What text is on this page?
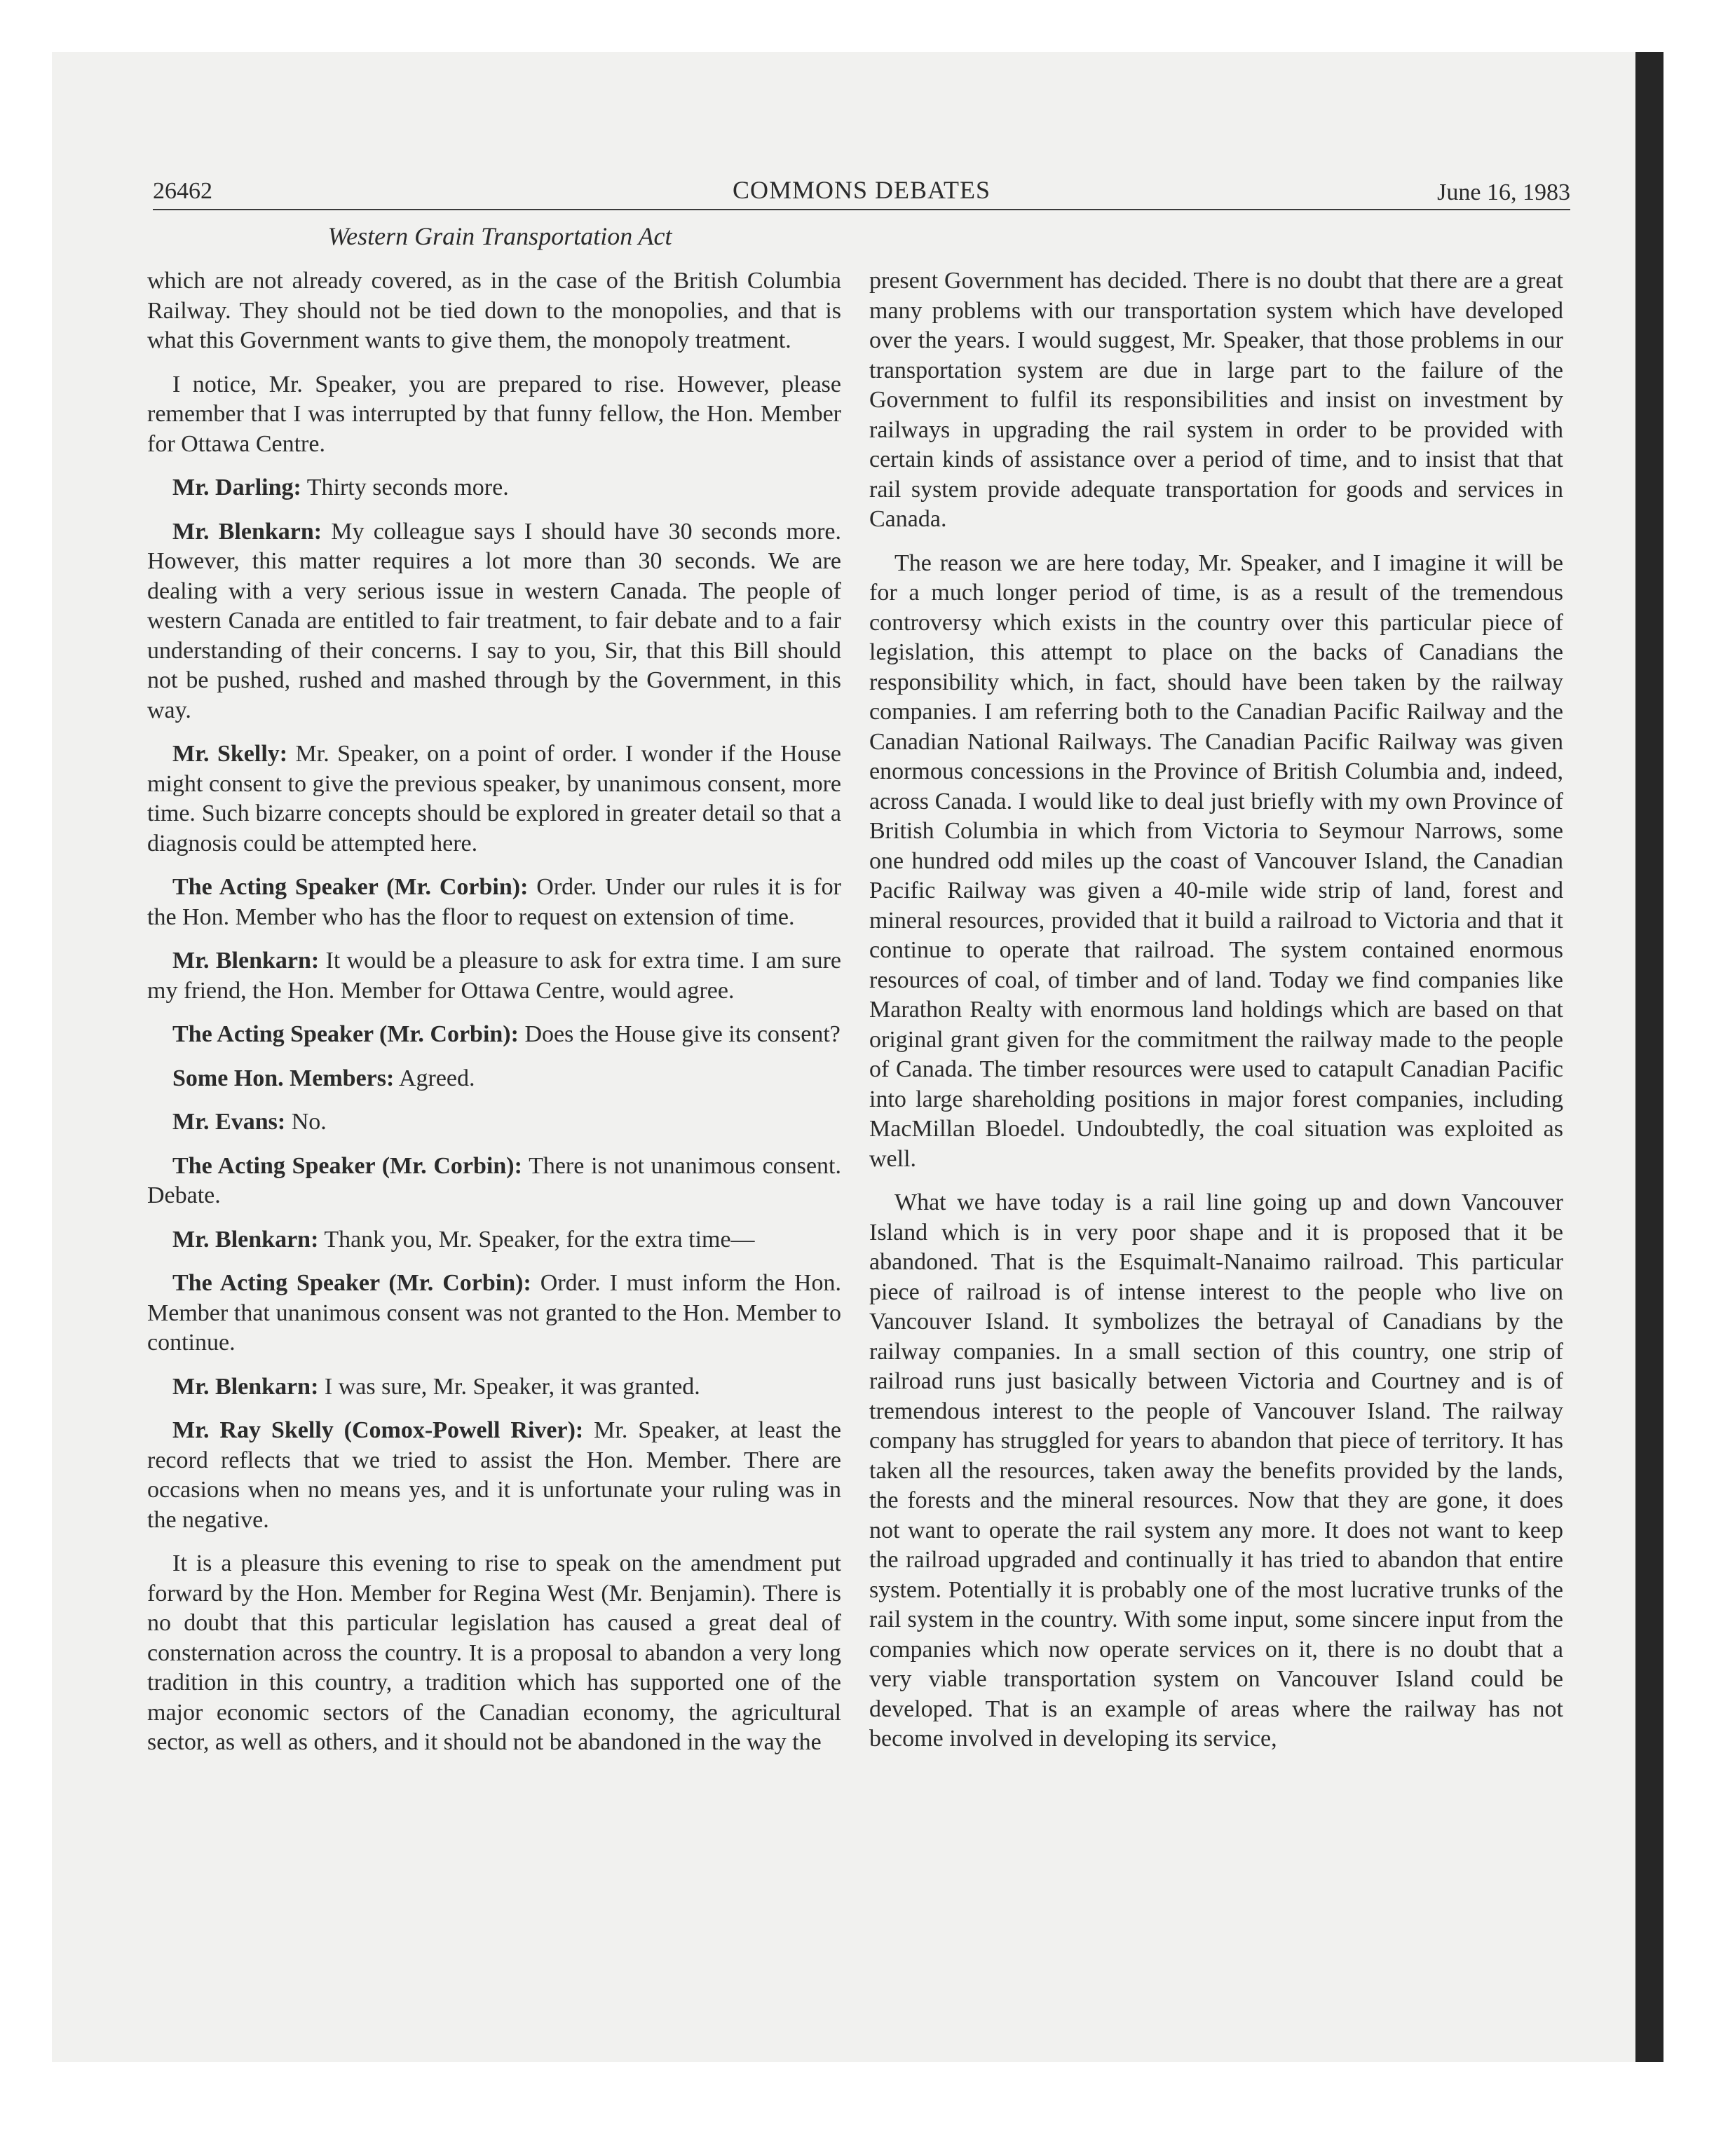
26462	COMMONS DEBATES	June 16, 1983
Western Grain Transportation Act

which are not already covered, as in the case of the British Columbia Railway. They should not be tied down to the monopolies, and that is what this Government wants to give them, the monopoly treatment.

I notice, Mr. Speaker, you are prepared to rise. However, please remember that I was interrupted by that funny fellow, the Hon. Member for Ottawa Centre.

Mr. Darling: Thirty seconds more.

Mr. Blenkarn: My colleague says I should have 30 seconds more. However, this matter requires a lot more than 30 seconds. We are dealing with a very serious issue in western Canada. The people of western Canada are entitled to fair treatment, to fair debate and to a fair understanding of their concerns. I say to you, Sir, that this Bill should not be pushed, rushed and mashed through by the Government, in this way.

Mr. Skelly: Mr. Speaker, on a point of order. I wonder if the House might consent to give the previous speaker, by unanimous consent, more time. Such bizarre concepts should be explored in greater detail so that a diagnosis could be attempted here.

The Acting Speaker (Mr. Corbin): Order. Under our rules it is for the Hon. Member who has the floor to request on extension of time.

Mr. Blenkarn: It would be a pleasure to ask for extra time. I am sure my friend, the Hon. Member for Ottawa Centre, would agree.

The Acting Speaker (Mr. Corbin): Does the House give its consent?

Some Hon. Members: Agreed.

Mr. Evans: No.

The Acting Speaker (Mr. Corbin): There is not unanimous consent. Debate.

Mr. Blenkarn: Thank you, Mr. Speaker, for the extra time—

The Acting Speaker (Mr. Corbin): Order. I must inform the Hon. Member that unanimous consent was not granted to the Hon. Member to continue.

Mr. Blenkarn: I was sure, Mr. Speaker, it was granted.

Mr. Ray Skelly (Comox-Powell River): Mr. Speaker, at least the record reflects that we tried to assist the Hon. Member. There are occasions when no means yes, and it is unfortunate your ruling was in the negative.

It is a pleasure this evening to rise to speak on the amendment put forward by the Hon. Member for Regina West (Mr. Benjamin). There is no doubt that this particular legislation has caused a great deal of consternation across the country. It is a proposal to abandon a very long tradition in this country, a tradition which has supported one of the major economic sectors of the Canadian economy, the agricultural sector, as well as others, and it should not be abandoned in the way the

present Government has decided. There is no doubt that there are a great many problems with our transportation system which have developed over the years. I would suggest, Mr. Speaker, that those problems in our transportation system are due in large part to the failure of the Government to fulfil its responsibilities and insist on investment by railways in upgrading the rail system in order to be provided with certain kinds of assistance over a period of time, and to insist that that rail system provide adequate transportation for goods and services in Canada.

The reason we are here today, Mr. Speaker, and I imagine it will be for a much longer period of time, is as a result of the tremendous controversy which exists in the country over this particular piece of legislation, this attempt to place on the backs of Canadians the responsibility which, in fact, should have been taken by the railway companies. I am referring both to the Canadian Pacific Railway and the Canadian National Railways. The Canadian Pacific Railway was given enormous concessions in the Province of British Columbia and, indeed, across Canada. I would like to deal just briefly with my own Province of British Columbia in which from Victoria to Seymour Narrows, some one hundred odd miles up the coast of Vancouver Island, the Canadian Pacific Railway was given a 40-mile wide strip of land, forest and mineral resources, provided that it build a railroad to Victoria and that it continue to operate that railroad. The system contained enormous resources of coal, of timber and of land. Today we find companies like Marathon Realty with enormous land holdings which are based on that original grant given for the commitment the railway made to the people of Canada. The timber resources were used to catapult Canadian Pacific into large shareholding positions in major forest companies, including MacMillan Bloedel. Undoubtedly, the coal situation was exploited as well.

What we have today is a rail line going up and down Vancouver Island which is in very poor shape and it is proposed that it be abandoned. That is the Esquimalt-Nanaimo railroad. This particular piece of railroad is of intense interest to the people who live on Vancouver Island. It symbolizes the betrayal of Canadians by the railway companies. In a small section of this country, one strip of railroad runs just basically between Victoria and Courtney and is of tremendous interest to the people of Vancouver Island. The railway company has struggled for years to abandon that piece of territory. It has taken all the resources, taken away the benefits provided by the lands, the forests and the mineral resources. Now that they are gone, it does not want to operate the rail system any more. It does not want to keep the railroad upgraded and continually it has tried to abandon that entire system. Potentially it is probably one of the most lucrative trunks of the rail system in the country. With some input, some sincere input from the companies which now operate services on it, there is no doubt that a very viable transportation system on Vancouver Island could be developed. That is an example of areas where the railway has not become involved in developing its service,
